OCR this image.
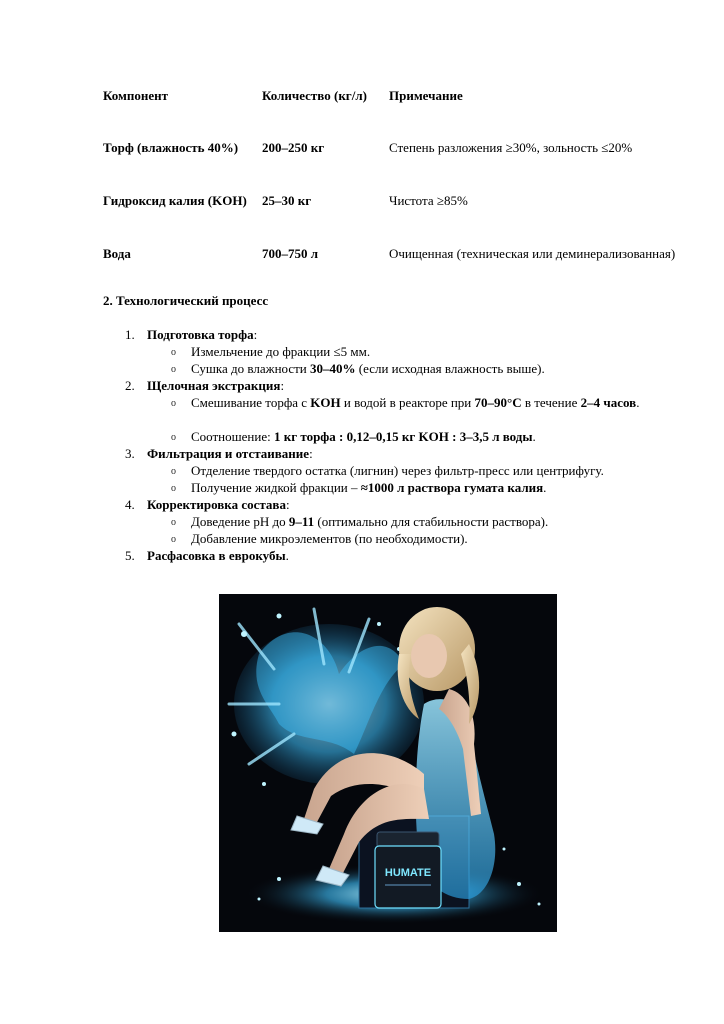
Компонент	Количество (кг/л)	Примечание
Торф (влажность 40%)	200–250 кг	Степень разложения ≥30%, зольность ≤20%
Гидроксид калия (KOH)	25–30 кг	Чистота ≥85%
Вода	700–750 л	Очищенная (техническая или деминерализованная)
2. Технологический процесс
1. Подготовка торфа:
o Измельчение до фракции ≤5 мм.
o Сушка до влажности 30–40% (если исходная влажность выше).
2. Щелочная экстракция:
o Смешивание торфа с KOH и водой в реакторе при 70–90°C в течение 2–4 часов.
o Соотношение: 1 кг торфа : 0,12–0,15 кг KOH : 3–3,5 л воды.
3. Фильтрация и отстаивание:
o Отделение твердого остатка (лигнин) через фильтр-пресс или центрифугу.
o Получение жидкой фракции – ≈1000 л раствора гумата калия.
4. Корректировка состава:
o Доведение pH до 9–11 (оптимально для стабильности раствора).
o Добавление микроэлементов (по необходимости).
5. Расфасовка в еврокубы.
HUMATE
